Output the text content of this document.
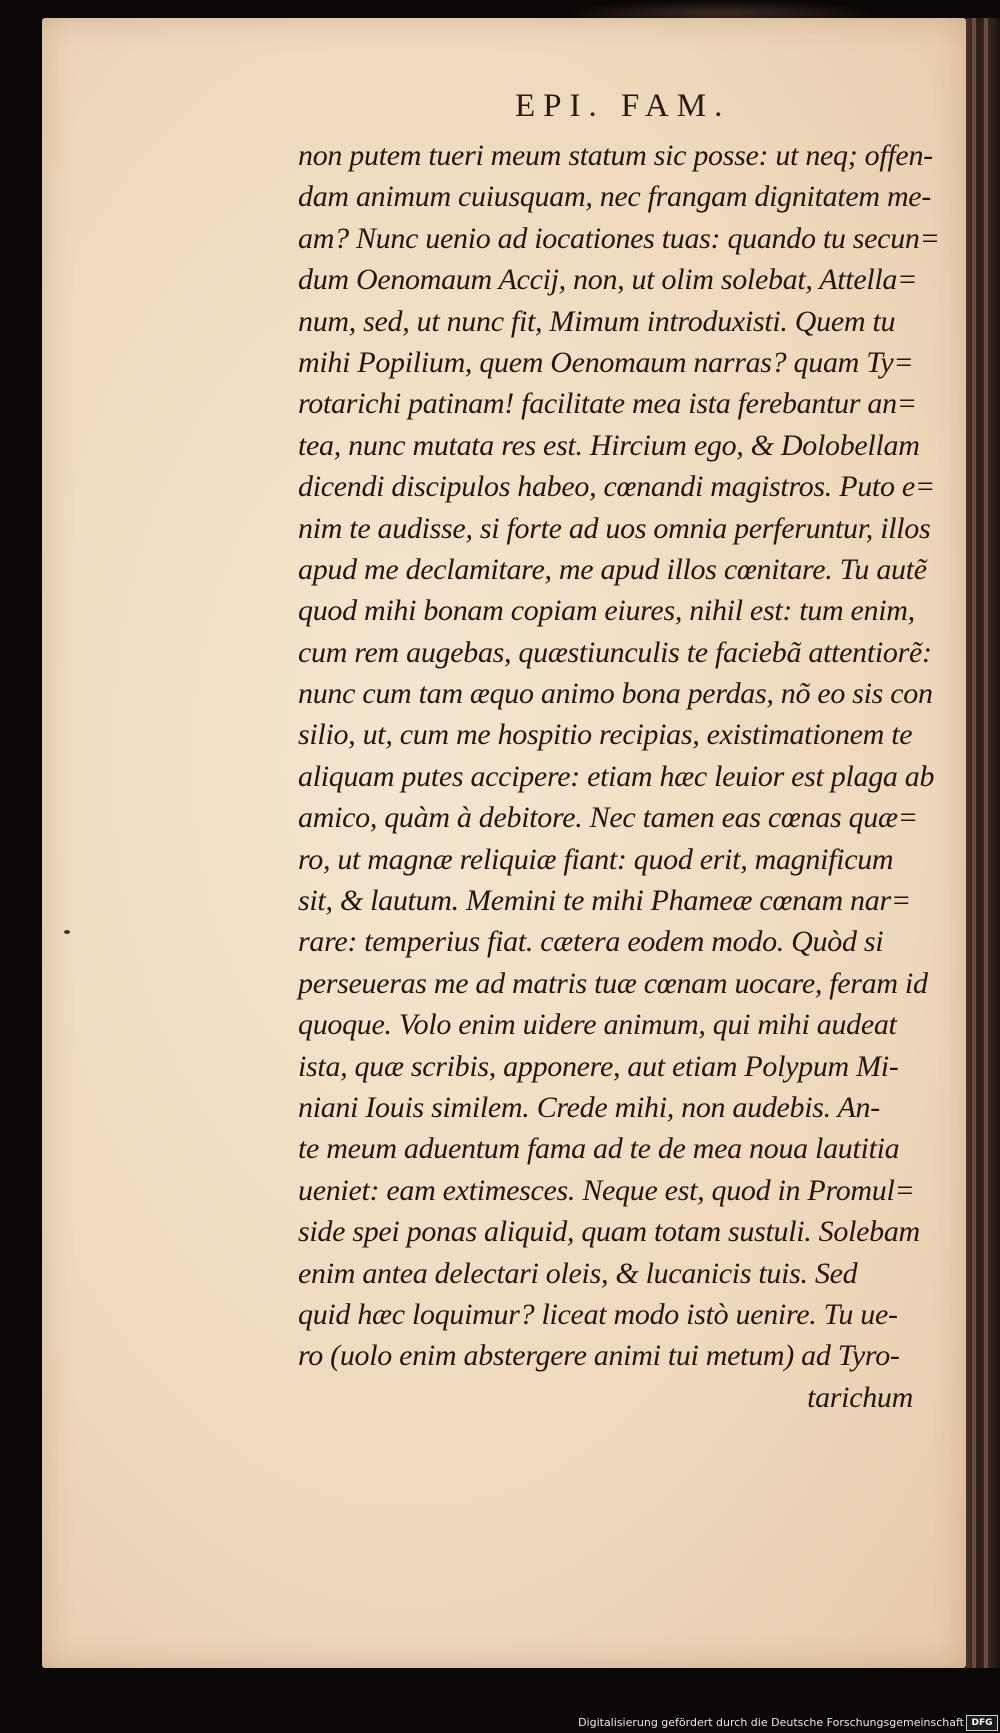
EPI. FAM.
non putem tueri meum statum sic posse: ut neq; offen-
dam animum cuiusquam, nec frangam dignitatem me-
am? Nunc uenio ad iocationes tuas: quando tu secun=
dum Oenomaum Accij, non, ut olim solebat, Attella=
num, sed, ut nunc fit, Mimum introduxisti. Quem tu
mihi Popilium, quem Oenomaum narras? quam Ty=
rotarichi patinam! facilitate mea ista ferebantur an=
tea, nunc mutata res est. Hircium ego, & Dolobellam
dicendi discipulos habeo, cœnandi magistros. Puto e=
nim te audisse, si forte ad uos omnia perferuntur, illos
apud me declamitare, me apud illos cœnitare. Tu autẽ
quod mihi bonam copiam eiures, nihil est: tum enim,
cum rem augebas, quæstiunculis te faciebã attentiorẽ:
nunc cum tam æquo animo bona perdas, nõ eo sis con
silio, ut, cum me hospitio recipias, existimationem te
aliquam putes accipere: etiam hæc leuior est plaga ab
amico, quàm à debitore. Nec tamen eas cœnas quæ=
ro, ut magnæ reliquiæ fiant: quod erit, magnificum
sit, & lautum. Memini te mihi Phameæ cœnam nar=
rare: temperius fiat. cætera eodem modo. Quòd si
perseueras me ad matris tuæ cœnam uocare, feram id
quoque. Volo enim uidere animum, qui mihi audeat
ista, quæ scribis, apponere, aut etiam Polypum Mi-
niani Iouis similem. Crede mihi, non audebis. An-
te meum aduentum fama ad te de mea noua lautitia
ueniet: eam extimesces. Neque est, quod in Promul=
side spei ponas aliquid, quam totam sustuli. Solebam
enim antea delectari oleis, & lucanicis tuis. Sed
quid hæc loquimur? liceat modo istò uenire. Tu ue-
ro (uolo enim abstergere animi tui metum) ad Tyro-
tarichum
Digitalisierung gefördert durch die Deutsche Forschungsgemeinschaft DFG
